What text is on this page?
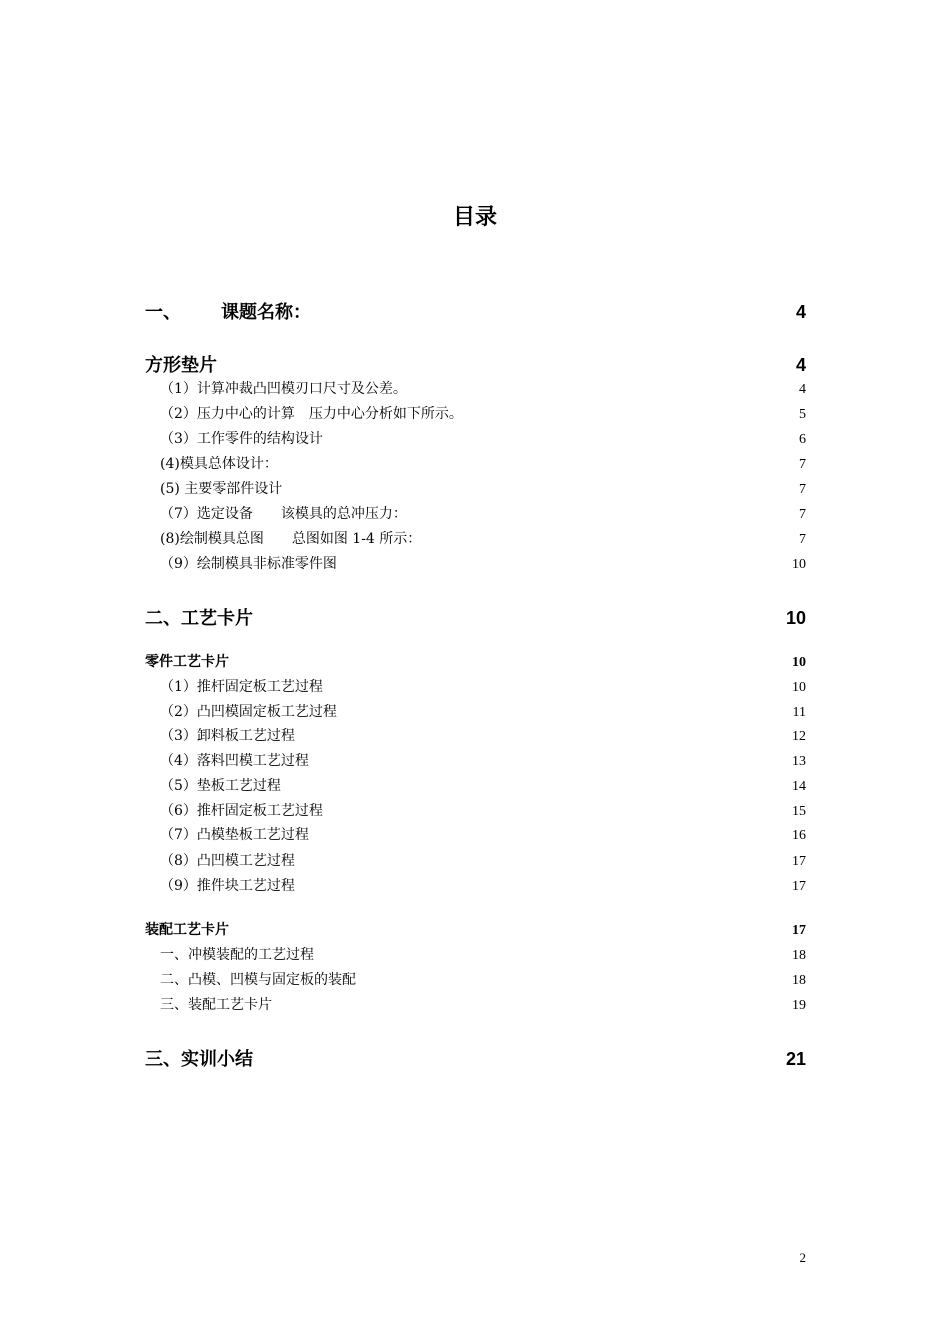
目录
一、 课题名称：	4
方形垫片	4
（1）计算冲裁凸凹模刃口尺寸及公差。	4
（2）压力中心的计算　压力中心分析如下所示。	5
（3）工作零件的结构设计	6
(4)模具总体设计：	7
(5) 主要零部件设计	7
（7）选定设备　　该模具的总冲压力：	7
(8)绘制模具总图　　总图如图 1-4 所示：	7
（9）绘制模具非标准零件图	10
二、工艺卡片	10
零件工艺卡片	10
（1）推杆固定板工艺过程	10
（2）凸凹模固定板工艺过程	11
（3）卸料板工艺过程	12
（4）落料凹模工艺过程	13
（5）垫板工艺过程	14
（6）推杆固定板工艺过程	15
（7）凸模垫板工艺过程	16
（8）凸凹模工艺过程	17
（9）推件块工艺过程	17
装配工艺卡片	17
一、冲模装配的工艺过程	18
二、凸模、凹模与固定板的装配	18
三、装配工艺卡片	19
三、实训小结	21
2
